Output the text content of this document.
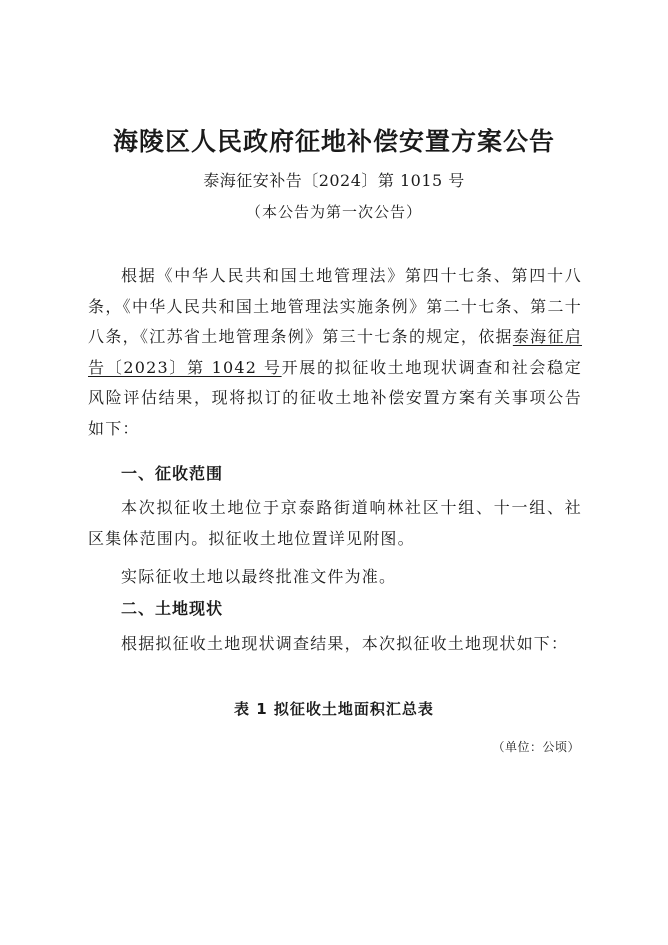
海陵区人民政府征地补偿安置方案公告
泰海征安补告〔2024〕第 1015 号
（本公告为第一次公告）

根据《中华人民共和国土地管理法》第四十七条、第四十八条，《中华人民共和国土地管理法实施条例》第二十七条、第二十八条，《江苏省土地管理条例》第三十七条的规定，依据泰海征启告〔2023〕第 1042 号开展的拟征收土地现状调查和社会稳定风险评估结果，现将拟订的征收土地补偿安置方案有关事项公告如下：

一、征收范围

本次拟征收土地位于京泰路街道响林社区十组、十一组、社区集体范围内。拟征收土地位置详见附图。

实际征收土地以最终批准文件为准。

二、土地现状

根据拟征收土地现状调查结果，本次拟征收土地现状如下：

表 1 拟征收土地面积汇总表
（单位：公顷）
